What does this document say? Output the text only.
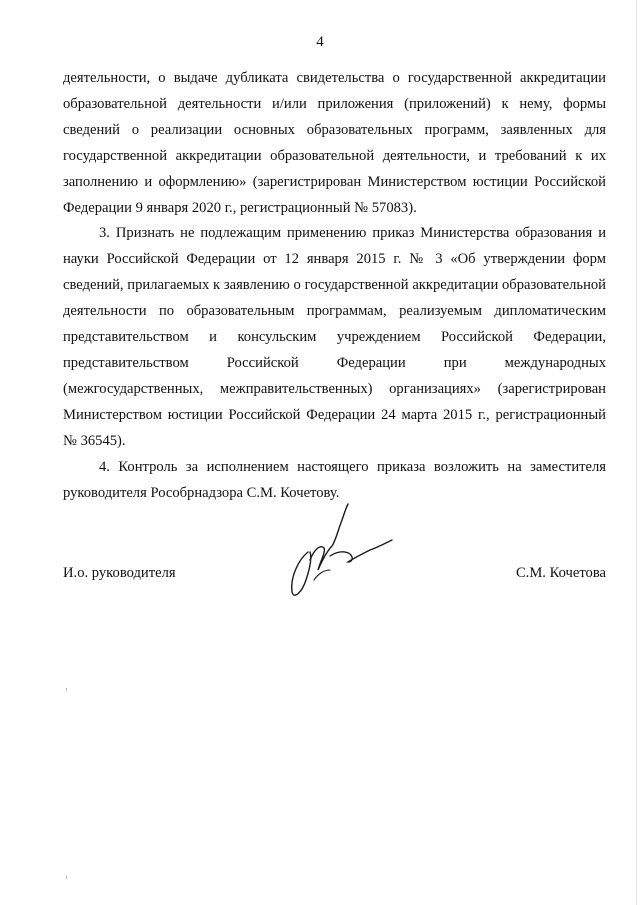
4

деятельности, о выдаче дубликата свидетельства о государственной аккредитации образовательной деятельности и/или приложения (приложений) к нему, формы сведений о реализации основных образовательных программ, заявленных для государственной аккредитации образовательной деятельности, и требований к их заполнению и оформлению» (зарегистрирован Министерством юстиции Российской Федерации 9 января 2020 г., регистрационный № 57083).

3. Признать не подлежащим применению приказ Министерства образования и науки Российской Федерации от 12 января 2015 г. № 3 «Об утверждении форм сведений, прилагаемых к заявлению о государственной аккредитации образовательной деятельности по образовательным программам, реализуемым дипломатическим представительством и консульским учреждением Российской Федерации, представительством Российской Федерации при международных (межгосударственных, межправительственных) организациях» (зарегистрирован Министерством юстиции Российской Федерации 24 марта 2015 г., регистрационный № 36545).

4. Контроль за исполнением настоящего приказа возложить на заместителя руководителя Рособрнадзора С.М. Кочетову.

И.о. руководителя	С.М. Кочетова
